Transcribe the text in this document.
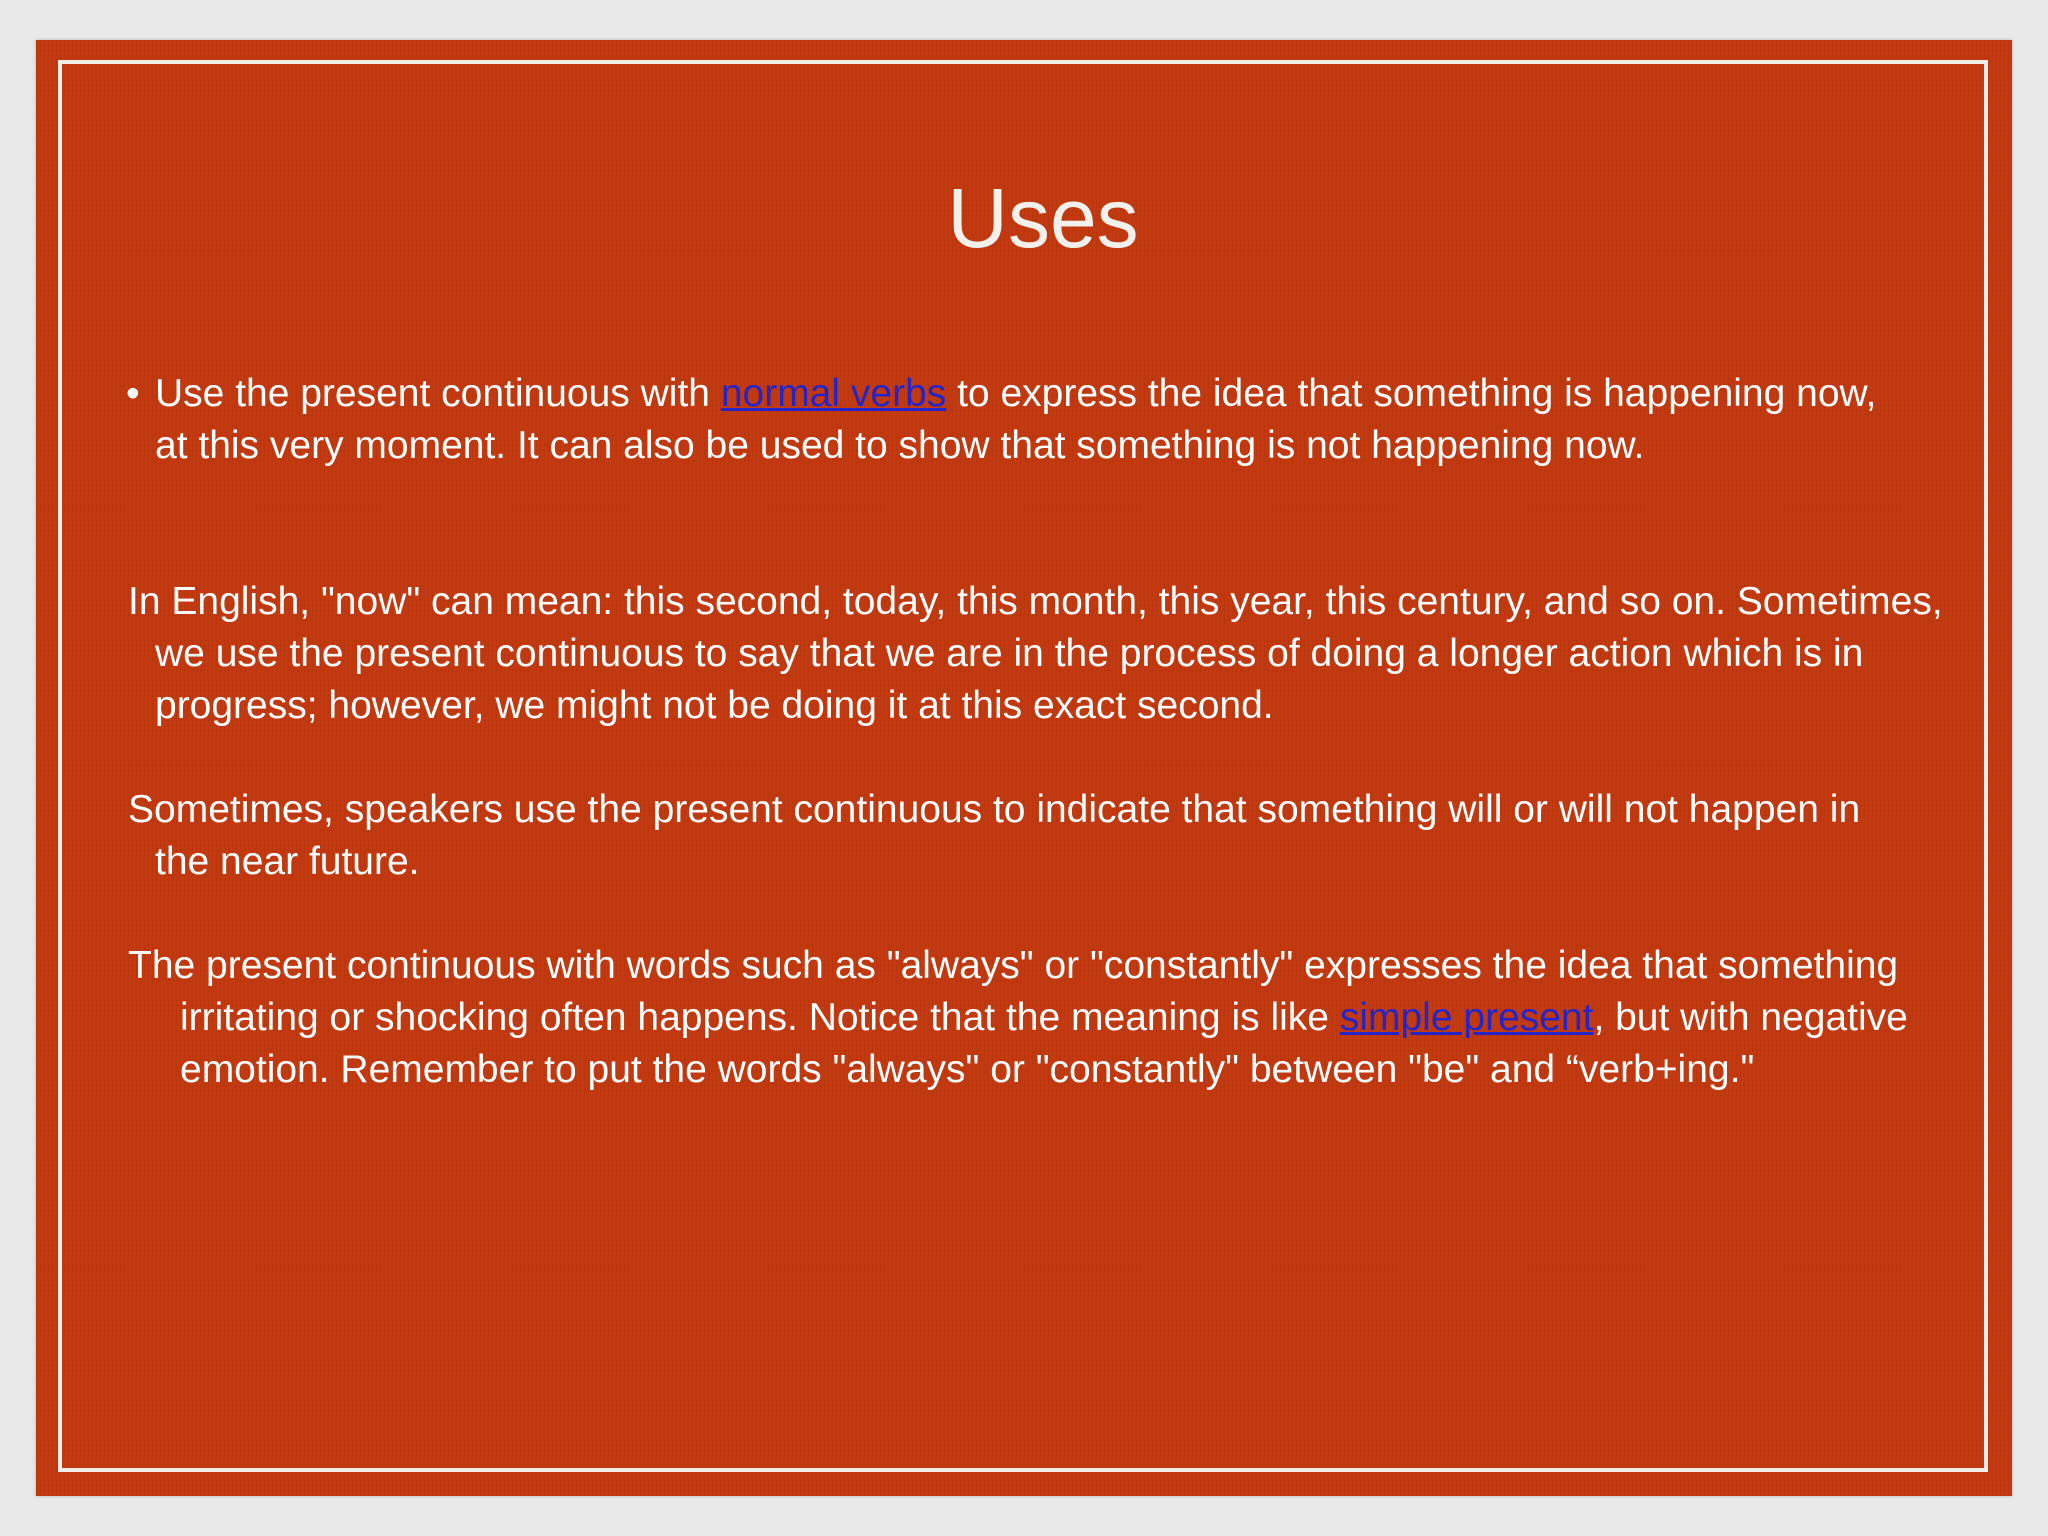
Uses

• Use the present continuous with normal verbs to express the idea that something is happening now, at this very moment. It can also be used to show that something is not happening now.

In English, "now" can mean: this second, today, this month, this year, this century, and so on. Sometimes, we use the present continuous to say that we are in the process of doing a longer action which is in progress; however, we might not be doing it at this exact second.

Sometimes, speakers use the present continuous to indicate that something will or will not happen in the near future.

The present continuous with words such as "always" or "constantly" expresses the idea that something irritating or shocking often happens. Notice that the meaning is like simple present, but with negative emotion. Remember to put the words "always" or "constantly" between "be" and “verb+ing."
